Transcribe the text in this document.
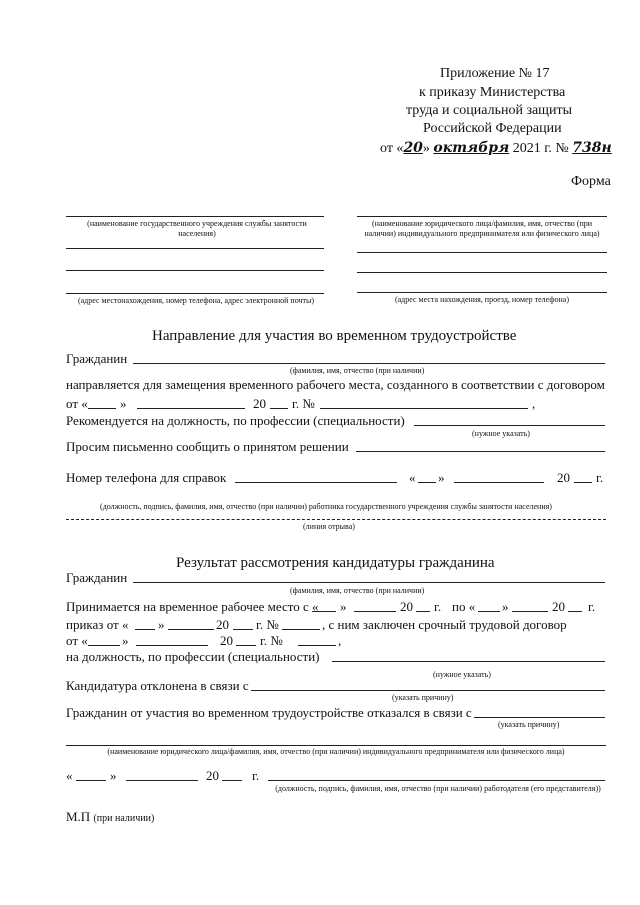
Приложение № 17
к приказу Министерства
труда и социальной защиты
Российской Федерации
от «20» октября 2021 г. № 738н
Форма
(наименование государственного учреждения службы занятости населения)
(адрес местонахождения, номер телефона, адрес электронной почты)
(наименование юридического лица/фамилия, имя, отчество (при наличии) индивидуального предпринимателя или физического лица)
(адрес места нахождения, проезд, номер телефона)
Направление для участия во временном трудоустройстве
Гражданин
(фамилия, имя, отчество (при наличии)
направляется для замещения временного рабочего места, созданного в соответствии с договором
от « »	20 г. №	,
Рекомендуется на должность, по профессии (специальности)
(нужное указать)
Просим письменно сообщить о принятом решении
Номер телефона для справок	« »	20 г.
(должность, подпись, фамилия, имя, отчество (при наличии) работника государственного учреждения службы занятости населения)
(линия отрыва)
Результат рассмотрения кандидатуры гражданина
Гражданин
(фамилия, имя, отчество (при наличии)
Принимается на временное рабочее место с « »	20 г. по « »	20 г.
приказ от « »	20 г. №	, с ним заключен срочный трудовой договор
от «	»	20 г. №	,
на должность, по профессии (специальности)
(нужное указать)
Кандидатура отклонена в связи с
(указать причину)
Гражданин от участия во временном трудоустройстве отказался в связи с
(указать причину)
(наименование юридического лица/фамилия, имя, отчество (при наличии) индивидуального предпринимателя или физического лица)
«	»	20	г.
(должность, подпись, фамилия, имя, отчество (при наличии) работодателя (его представителя))
М.П (при наличии)
